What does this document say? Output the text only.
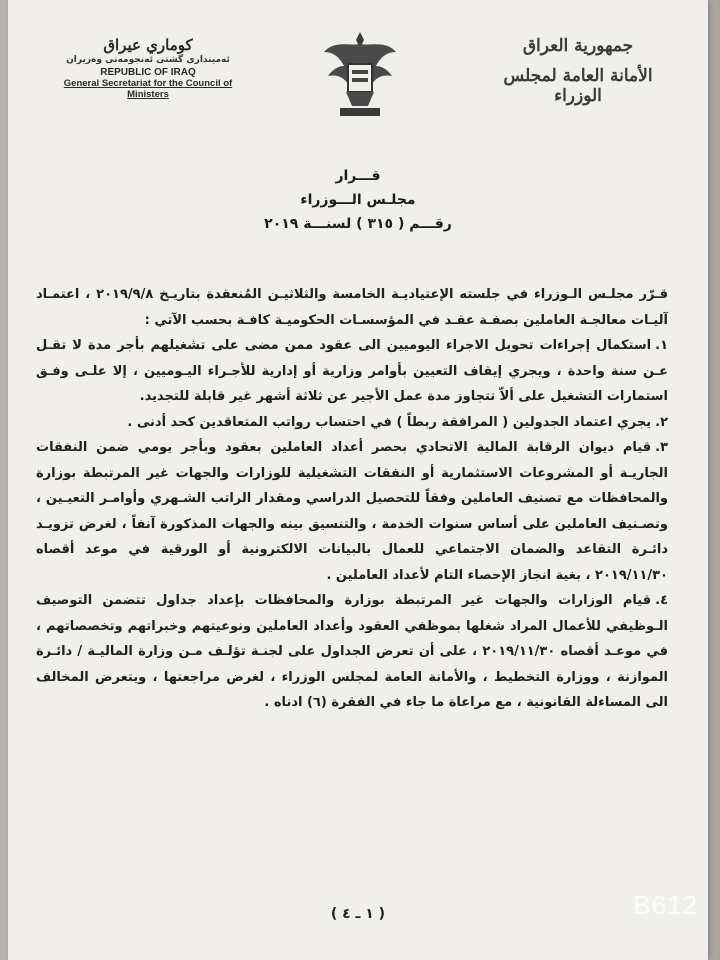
كوماري عيراق
ئەمینداری گشتی ئەنجومەنی وەزیران
REPUBLIC OF IRAQ
General Secretariat for the Council of Ministers
جمهورية العراق
الأمانة العامة لمجلس الوزراء
قـــرار
مجلـس الـــوزراء
رقـــم ( ٣١٥ ) لسنـــة ٢٠١٩

قـرّر مجلـس الـوزراء في جلسته الإعتياديـة الخامسة والثلاثيـن المُنعقدة بتاريـخ ٢٠١٩/٩/٨ ، اعتمـاد آليـات معالجـة العاملين بصفـة عقـد في المؤسسـات الحكوميـة كافـة بحسب الآتي :

١.استكمال إجراءات تحويل الاجراء اليوميين الى عقود ممن مضى على تشغيلهم بأجر مدة لا تقـل عـن سنة واحدة ، ويجري إيقاف التعيين بأوامر وزارية أو إدارية للأجـراء اليـوميين ، إلا علـى وفـق استمارات التشغيل على ألاّ تتجاوز مدة عمل الأجير عن ثلاثة أشهر غير قابلة للتجديد.

٢.يجري اعتماد الجدولين ( المرافقة ربطاً ) في احتساب رواتب المتعاقدين كحد أدنى .

٣.قيام ديوان الرقابة المالية الاتحادي بحصر أعداد العاملين بعقود وبأجر يومي ضمن النفقات الجاريـة أو المشروعات الاستثمارية أو النفقات التشغيلية للوزارات والجهات غير المرتبطة بوزارة والمحافظات مع تصنيف العاملين وفقاً للتحصيل الدراسي ومقدار الراتب الشـهري وأوامـر التعيـين ، وتصـنيف العاملين على أساس سنوات الخدمة ، والتنسيق بينه والجهات المذكورة آنفاً ، لغرض تزويـد دائـرة التقاعد والضمان الاجتماعي للعمال بالبيانات الالكترونية أو الورقية في موعد أقصاه ٢٠١٩/١١/٣٠ ، بغية انجاز الإحصاء التام لأعداد العاملين .

٤.قيام الوزارات والجهات غير المرتبطة بوزارة والمحافظات بإعداد جداول تتضمن التوصيف الـوظيفي للأعمال المراد شغلها بموظفي العقود وأعداد العاملين ونوعيتهم وخبراتهم وتخصصاتهم ، في موعـد أقصاه ٢٠١٩/١١/٣٠ ، على أن تعرض الجداول على لجنـة تؤلـف مـن وزارة الماليـة / دائـرة الموازنة ، ووزارة التخطيط ، والأمانة العامة لمجلس الوزراء ، لغرض مراجعتها ، ويتعرض المخالف الى المساءلة القانونية ، مع مراعاة ما جاء في الفقرة (٦) ادناه .

( ١ ـ ٤ )	B612
